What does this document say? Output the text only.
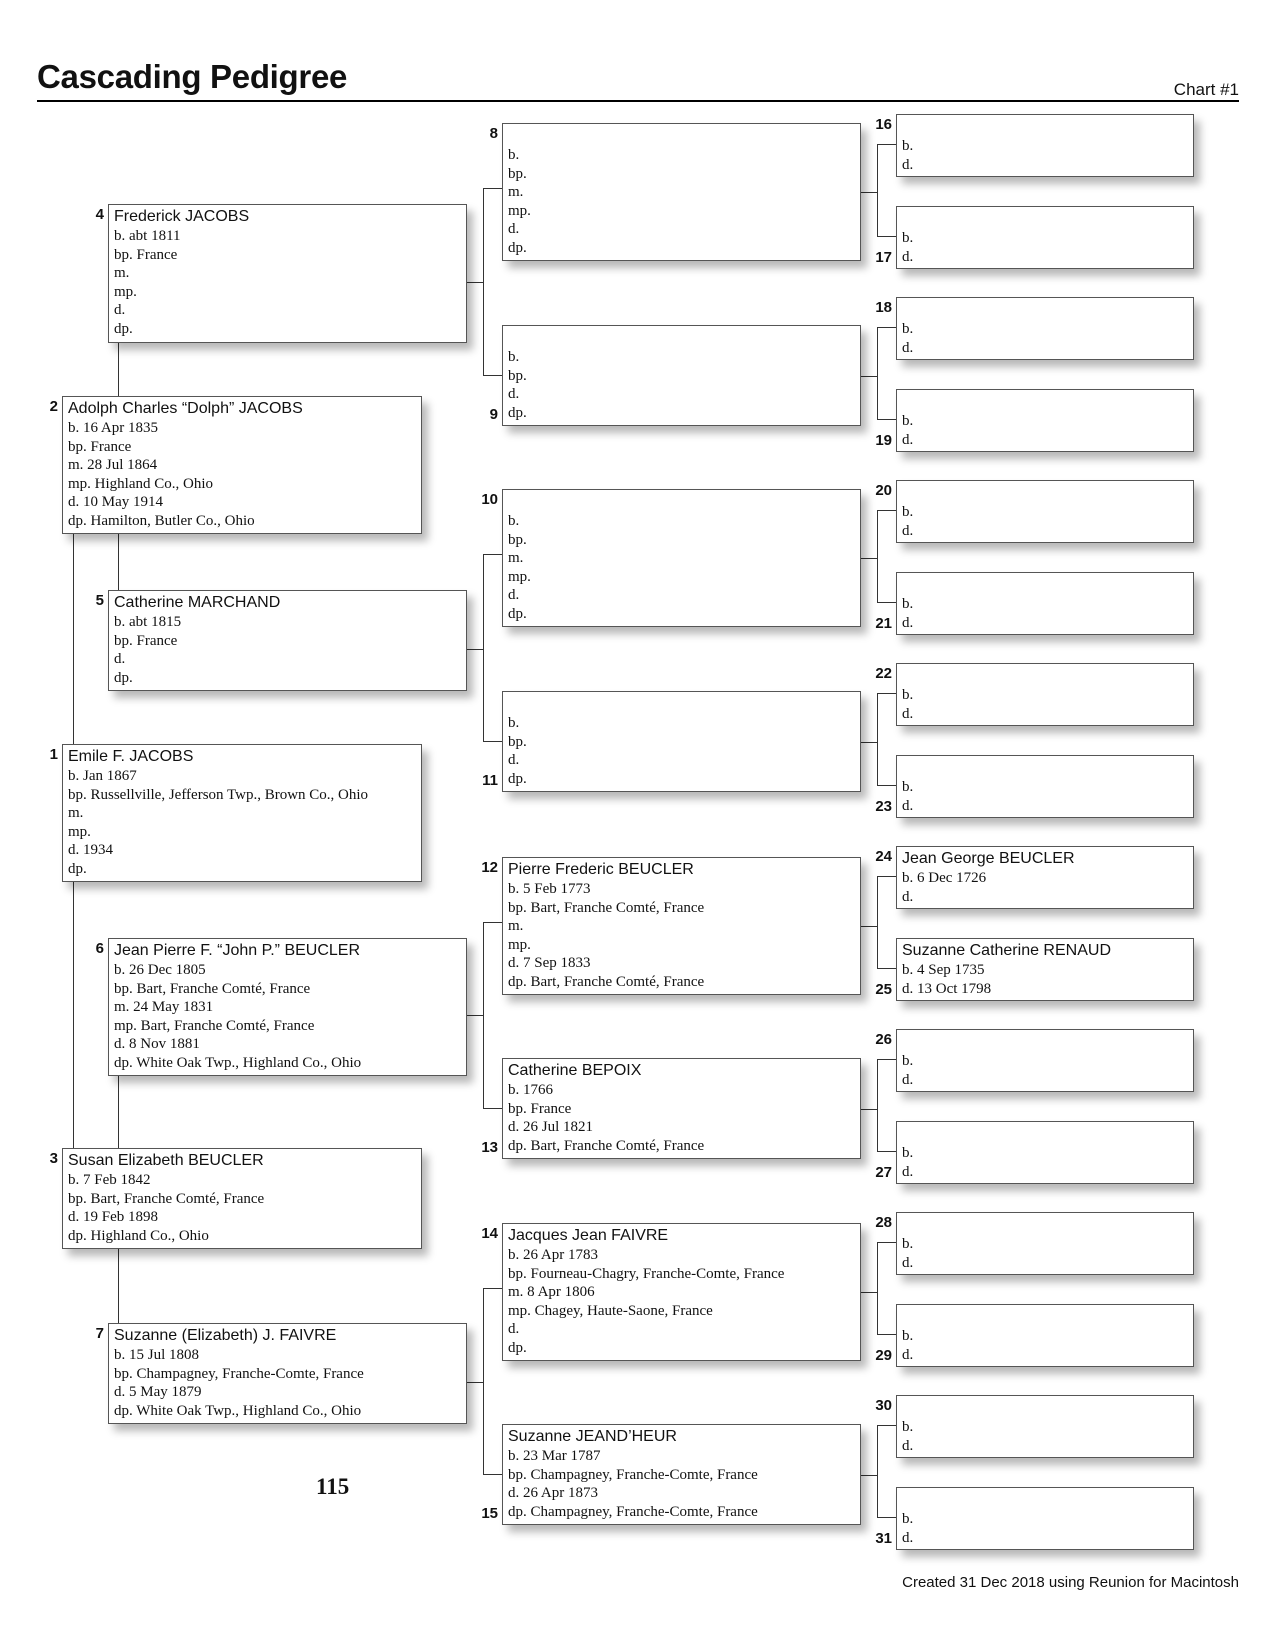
Cascading Pedigree	Chart #1
Emile F. JACOBS
b. Jan 1867
bp. Russellville, Jefferson Twp., Brown Co., Ohio
m.
mp.
d. 1934
dp.
1
Adolph Charles “Dolph” JACOBS
b. 16 Apr 1835
bp. France
m. 28 Jul 1864
mp. Highland Co., Ohio
d. 10 May 1914
dp. Hamilton, Butler Co., Ohio
2
Susan Elizabeth BEUCLER
b. 7 Feb 1842
bp. Bart, Franche Comté, France
d. 19 Feb 1898
dp. Highland Co., Ohio
3
Frederick JACOBS
b. abt 1811
bp. France
m.
mp.
d.
dp.
4
Catherine MARCHAND
b. abt 1815
bp. France
d.
dp.
5
Jean Pierre F. “John P.” BEUCLER
b. 26 Dec 1805
bp. Bart, Franche Comté, France
m. 24 May 1831
mp. Bart, Franche Comté, France
d. 8 Nov 1881
dp. White Oak Twp., Highland Co., Ohio
6
Suzanne (Elizabeth) J. FAIVRE
b. 15 Jul 1808
bp. Champagney, Franche-Comte, France
d. 5 May 1879
dp. White Oak Twp., Highland Co., Ohio
7
b.
bp.
m.
mp.
d.
dp.
8
b.
bp.
d.
dp.
9
b.
bp.
m.
mp.
d.
dp.
10
b.
bp.
d.
dp.
11
Pierre Frederic BEUCLER
b. 5 Feb 1773
bp. Bart, Franche Comté, France
m.
mp.
d. 7 Sep 1833
dp. Bart, Franche Comté, France
12
Catherine BEPOIX
b. 1766
bp. France
d. 26 Jul 1821
dp. Bart, Franche Comté, France
13
Jacques Jean FAIVRE
b. 26 Apr 1783
bp. Fourneau-Chagry, Franche-Comte, France
m. 8 Apr 1806
mp. Chagey, Haute-Saone, France
d.
dp.
14
Suzanne JEAND’HEUR
b. 23 Mar 1787
bp. Champagney, Franche-Comte, France
d. 26 Apr 1873
dp. Champagney, Franche-Comte, France
15
b.
d.
16
b.
d.
17
b.
d.
18
b.
d.
19
b.
d.
20
b.
d.
21
b.
d.
22
b.
d.
23
Jean George BEUCLER
b. 6 Dec 1726
d.
24
Suzanne Catherine RENAUD
b. 4 Sep 1735
d. 13 Oct 1798
25
b.
d.
26
b.
d.
27
b.
d.
28
b.
d.
29
b.
d.
30
b.
d.
31
115
Created 31 Dec 2018 using Reunion for Macintosh
